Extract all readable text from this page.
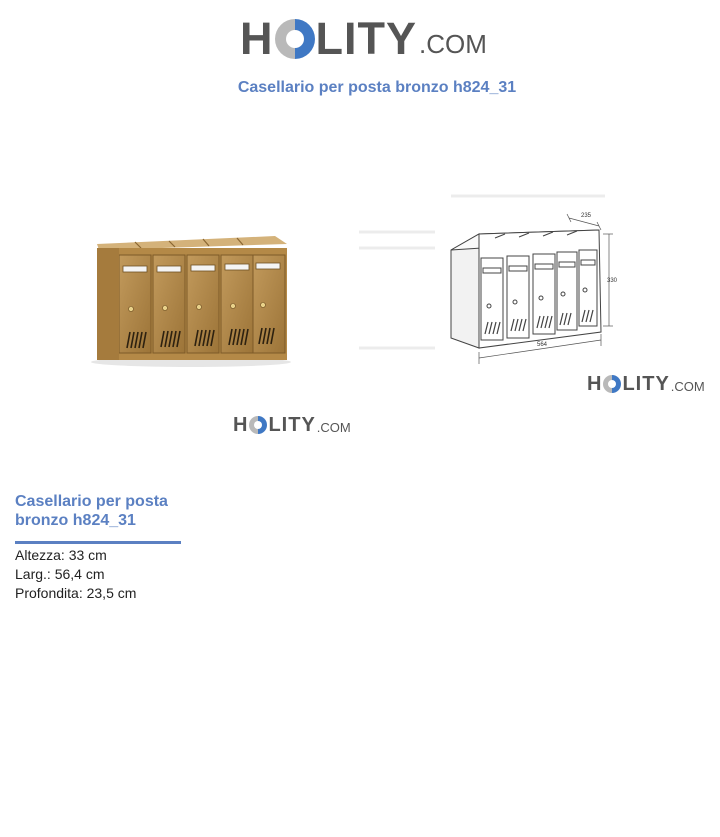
H LITY .COM
Casellario per posta bronzo h824_31
H LITY .COM
235
330
564
H LITY .COM
Casellario per posta bronzo h824_31
Altezza: 33 cm
Larg.: 56,4 cm
Profondita: 23,5 cm
